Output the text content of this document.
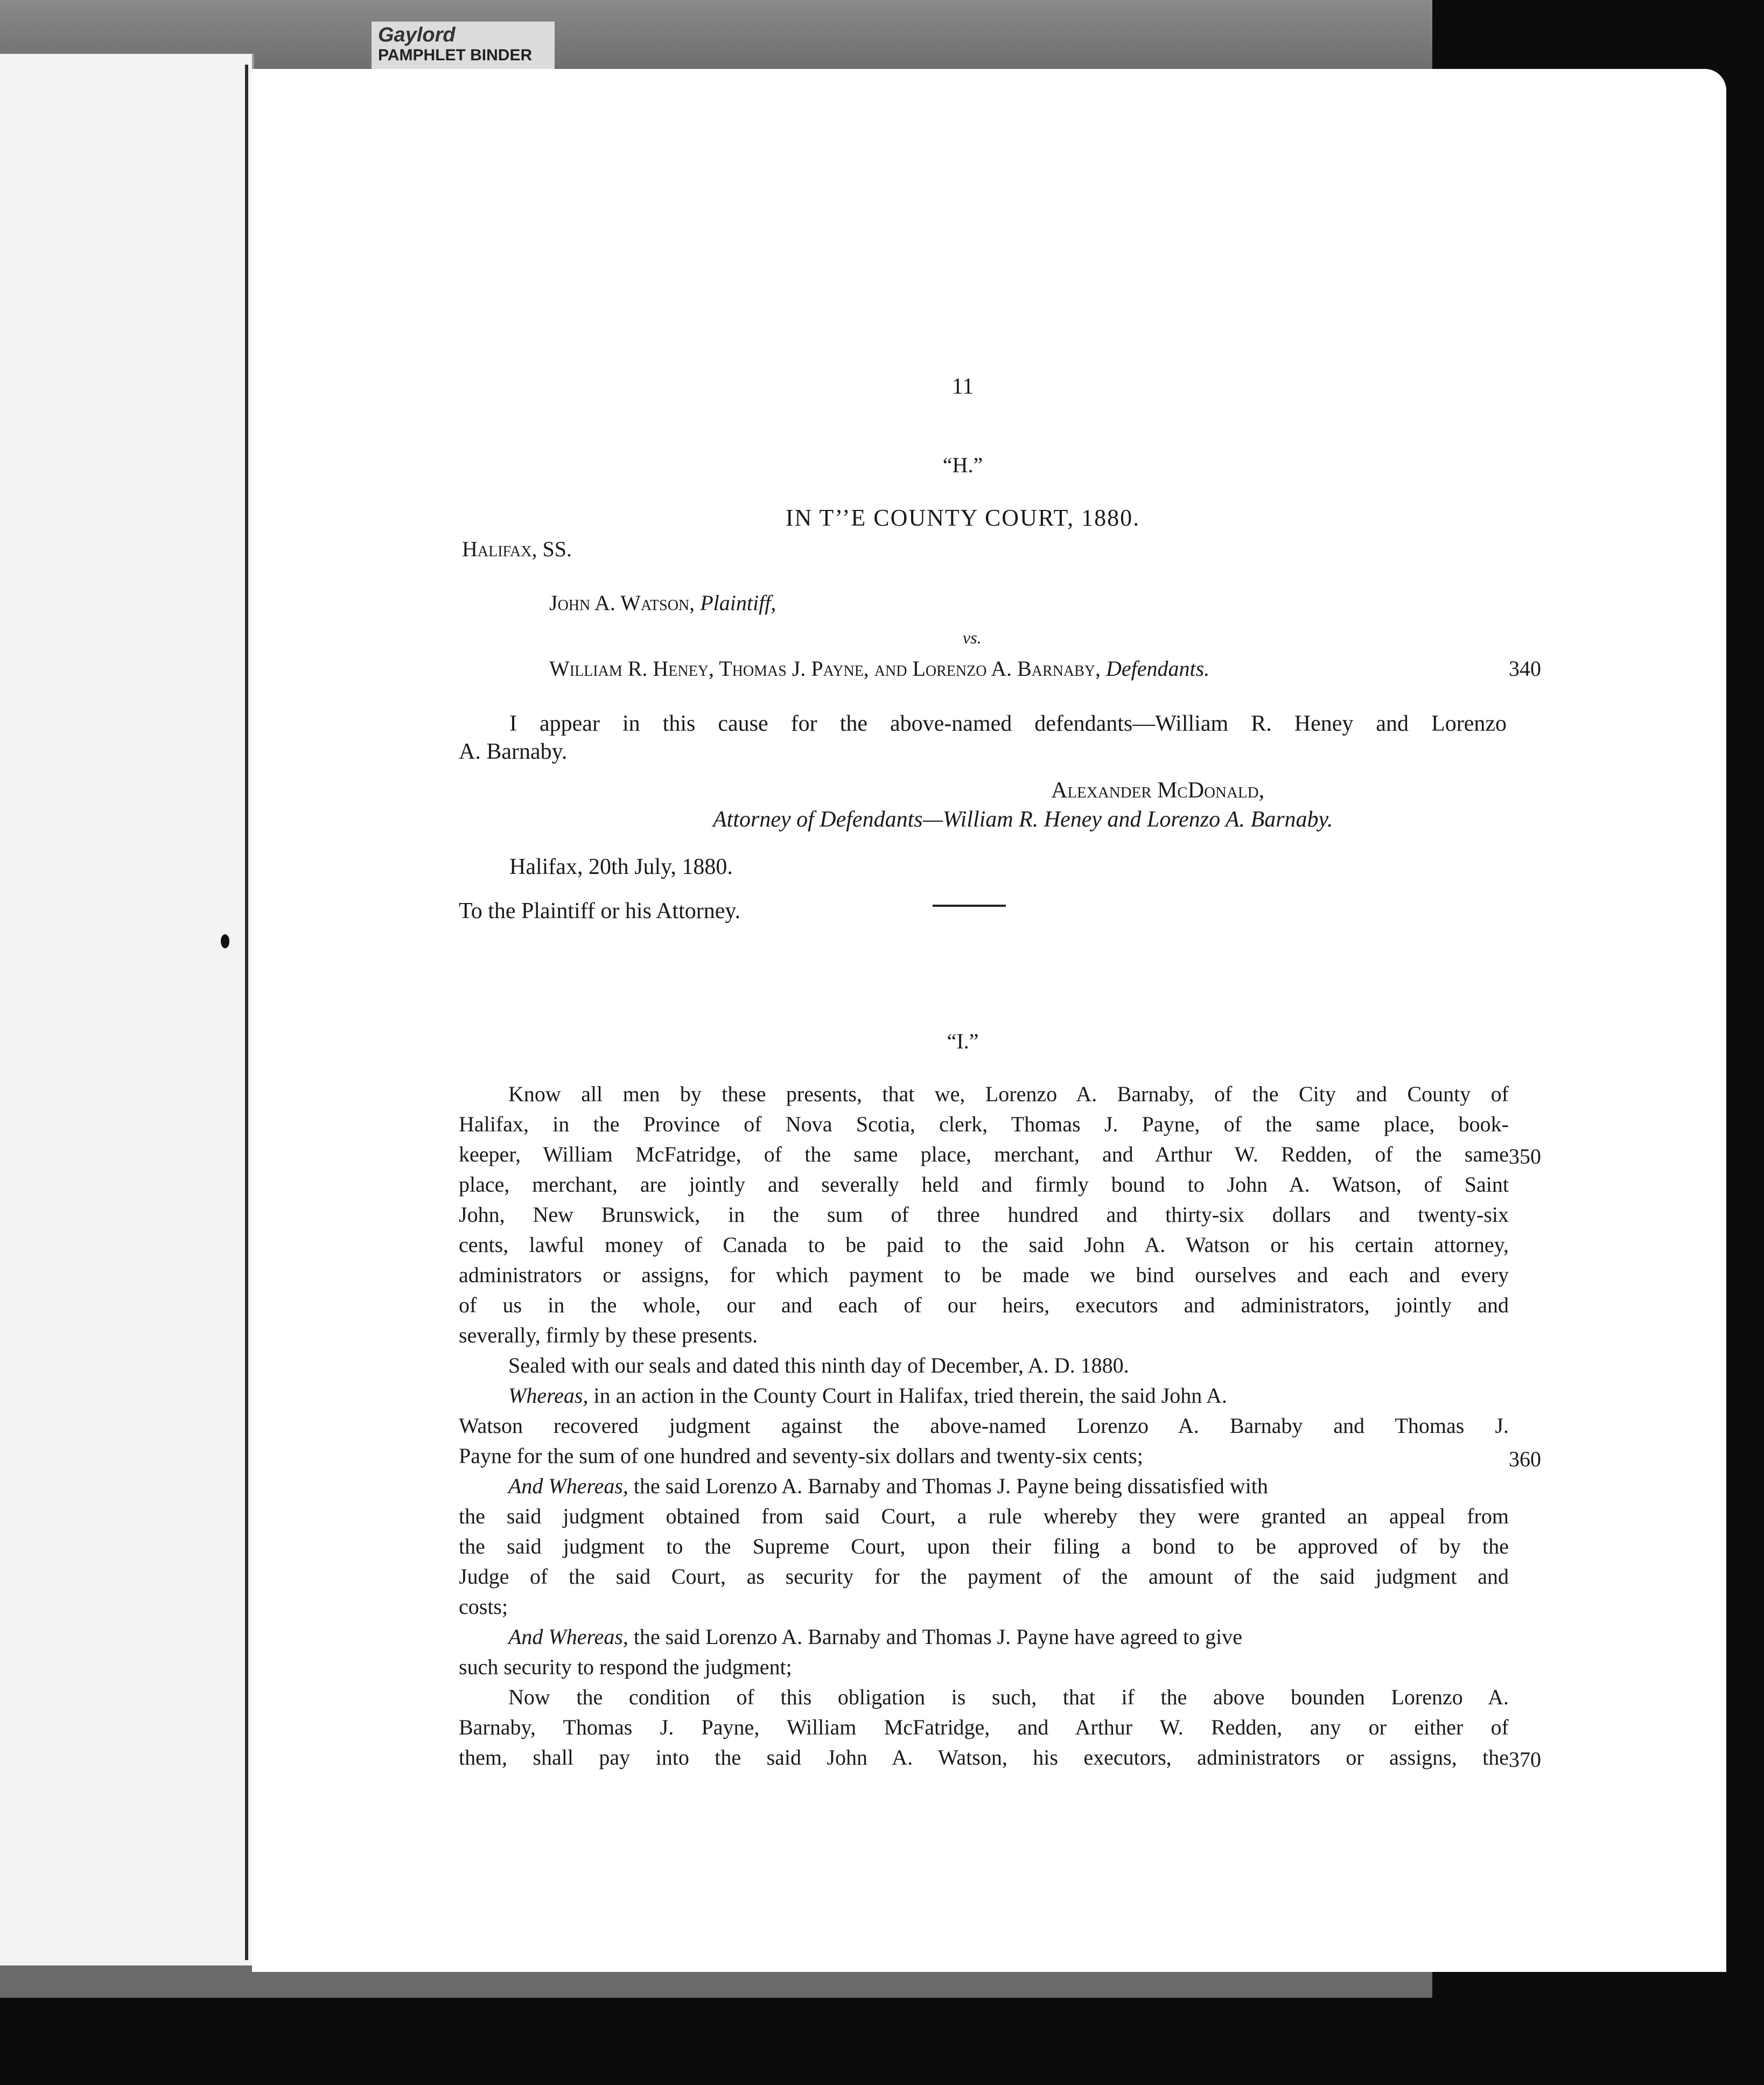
Gaylord
PAMPHLET BINDER
11
“H.”
IN T’’E COUNTY COURT, 1880.
Halifax, SS.
John A. Watson, Plaintiff,
vs.
William R. Heney, Thomas J. Payne, and Lorenzo A. Barnaby, Defendants.
I appear in this cause for the above-named defendants—William R. Heney and Lorenzo
A. Barnaby.
Alexander McDonald,
Attorney of Defendants—William R. Heney and Lorenzo A. Barnaby.
Halifax, 20th July, 1880.
To the Plaintiff or his Attorney.
“I.”
Know all men by these presents, that we, Lorenzo A. Barnaby, of the City and County of
Halifax, in the Province of Nova Scotia, clerk, Thomas J. Payne, of the same place, book-
keeper, William McFatridge, of the same place, merchant, and Arthur W. Redden, of the same
place, merchant, are jointly and severally held and firmly bound to John A. Watson, of Saint
John, New Brunswick, in the sum of three hundred and thirty-six dollars and twenty-six
cents, lawful money of Canada to be paid to the said John A. Watson or his certain attorney,
administrators or assigns, for which payment to be made we bind ourselves and each and every
of us in the whole, our and each of our heirs, executors and administrators, jointly and
severally, firmly by these presents.
Sealed with our seals and dated this ninth day of December, A. D. 1880.
Whereas, in an action in the County Court in Halifax, tried therein, the said John A.
Watson recovered judgment against the above-named Lorenzo A. Barnaby and Thomas J.
Payne for the sum of one hundred and seventy-six dollars and twenty-six cents;
And Whereas, the said Lorenzo A. Barnaby and Thomas J. Payne being dissatisfied with
the said judgment obtained from said Court, a rule whereby they were granted an appeal from
the said judgment to the Supreme Court, upon their filing a bond to be approved of by the
Judge of the said Court, as security for the payment of the amount of the said judgment and
costs;
And Whereas, the said Lorenzo A. Barnaby and Thomas J. Payne have agreed to give
such security to respond the judgment;
Now the condition of this obligation is such, that if the above bounden Lorenzo A.
Barnaby, Thomas J. Payne, William McFatridge, and Arthur W. Redden, any or either of
them, shall pay into the said John A. Watson, his executors, administrators or assigns, the
340
350
360
370
